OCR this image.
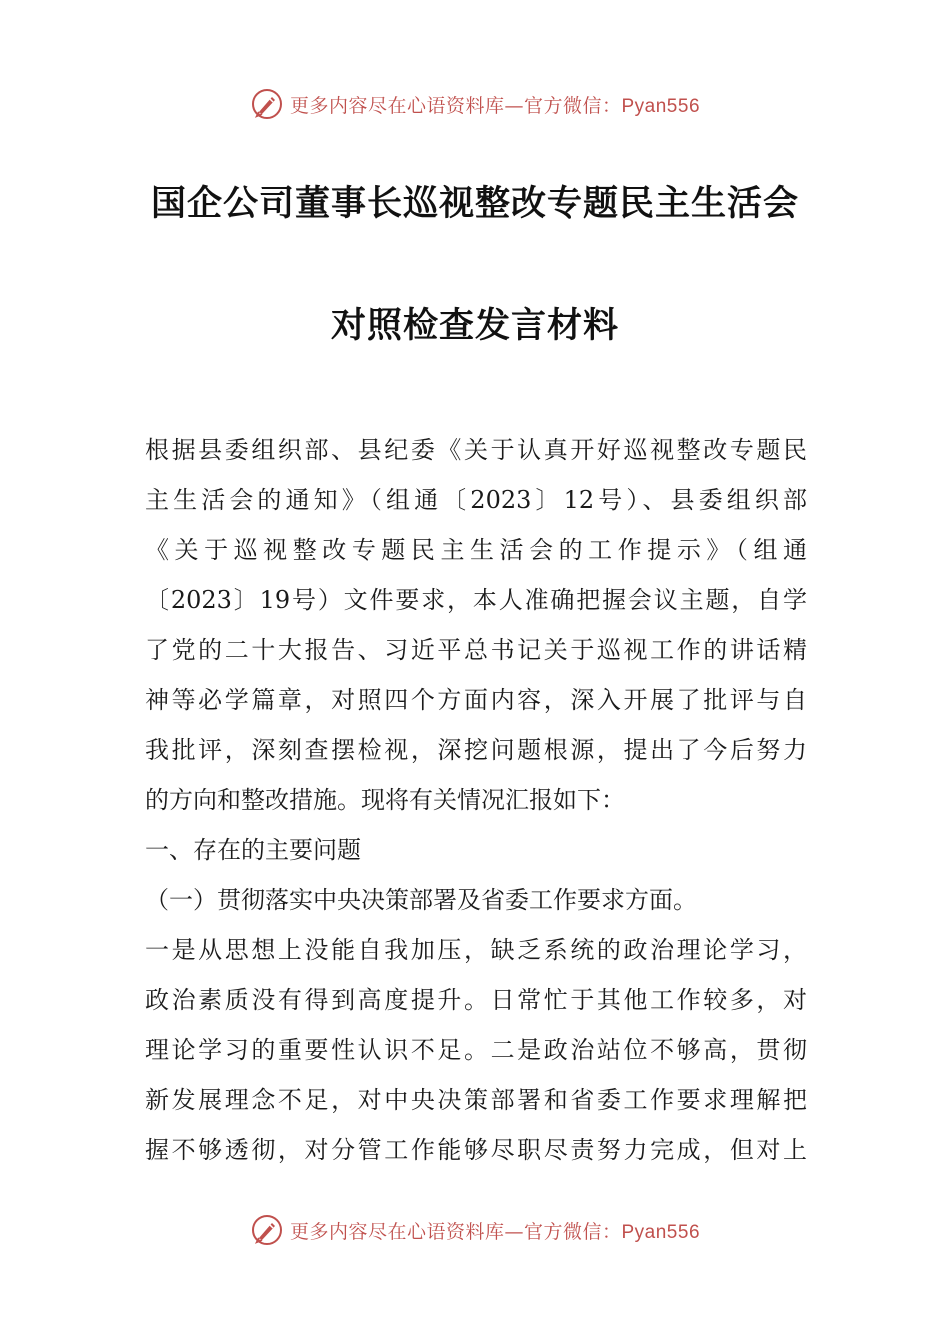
更多内容尽在心语资料库—官方微信：Pyan556
国企公司董事长巡视整改专题民主生活会
对照检查发言材料
根据县委组织部、县纪委《关于认真开好巡视整改专题民
主生活会的通知》（组通〔2023〕12号）、县委组织部
《关于巡视整改专题民主生活会的工作提示》（组通
〔2023〕19号）文件要求，本人准确把握会议主题，自学
了党的二十大报告、习近平总书记关于巡视工作的讲话精
神等必学篇章，对照四个方面内容，深入开展了批评与自
我批评，深刻查摆检视，深挖问题根源，提出了今后努力
的方向和整改措施。现将有关情况汇报如下：
一、存在的主要问题
（一）贯彻落实中央决策部署及省委工作要求方面。
一是从思想上没能自我加压，缺乏系统的政治理论学习，
政治素质没有得到高度提升。日常忙于其他工作较多，对
理论学习的重要性认识不足。二是政治站位不够高，贯彻
新发展理念不足，对中央决策部署和省委工作要求理解把
握不够透彻，对分管工作能够尽职尽责努力完成，但对上
更多内容尽在心语资料库—官方微信：Pyan556
